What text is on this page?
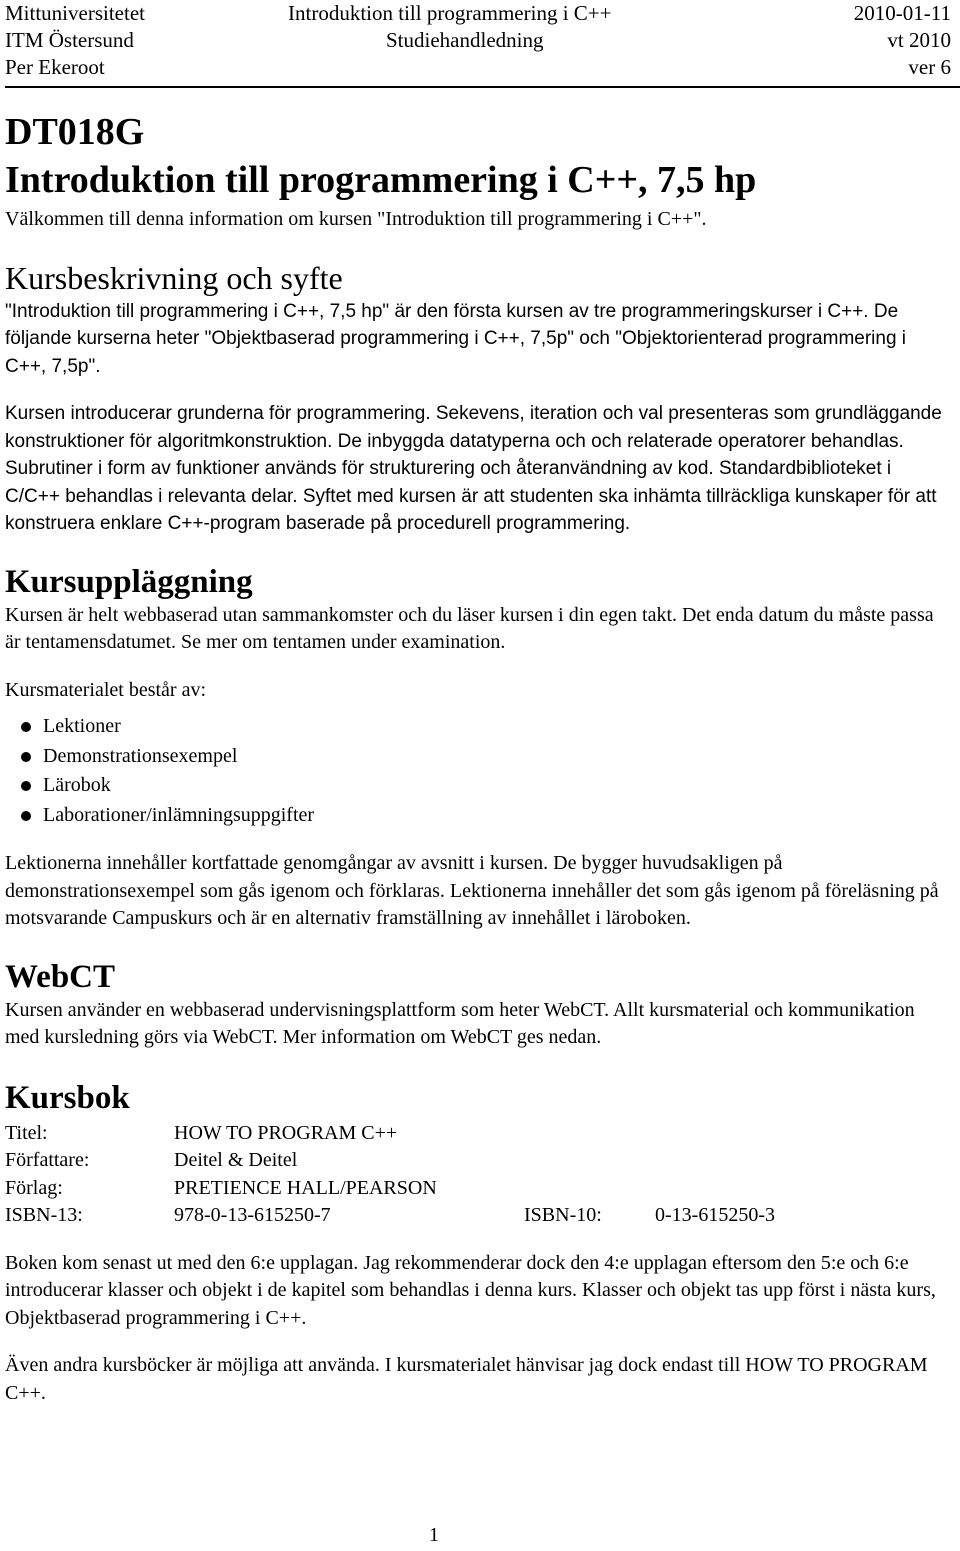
Mittuniversitetet	Introduktion till programmering i C++	2010-01-11
ITM Östersund	Studiehandledning	vt 2010
Per Ekeroot	ver 6
DT018G
Introduktion till programmering i C++, 7,5 hp

Välkommen till denna information om kursen "Introduktion till programmering i C++".

Kursbeskrivning och syfte

"Introduktion till programmering i C++, 7,5 hp" är den första kursen av tre programmeringskurser i C++. De följande kurserna heter "Objektbaserad programmering i C++, 7,5p" och "Objektorienterad programmering i C++, 7,5p".

Kursen introducerar grunderna för programmering. Sekevens, iteration och val presenteras som grundläggande konstruktioner för algoritmkonstruktion. De inbyggda datatyperna och och relaterade operatorer behandlas. Subrutiner i form av funktioner används för strukturering och återanvändning av kod. Standardbiblioteket i C/C++ behandlas i relevanta delar. Syftet med kursen är att studenten ska inhämta tillräckliga kunskaper för att konstruera enklare C++-program baserade på procedurell programmering.

Kursuppläggning

Kursen är helt webbaserad utan sammankomster och du läser kursen i din egen takt. Det enda datum du måste passa är tentamensdatumet. Se mer om tentamen under examination.

Kursmaterialet består av:

Lektioner
Demonstrationsexempel
Lärobok
Laborationer/inlämningsuppgifter

Lektionerna innehåller kortfattade genomgångar av avsnitt i kursen. De bygger huvudsakligen på demonstrationsexempel som gås igenom och förklaras. Lektionerna innehåller det som gås igenom på föreläsning på motsvarande Campuskurs och är en alternativ framställning av innehållet i läroboken.

WebCT

Kursen använder en webbaserad undervisningsplattform som heter WebCT. Allt kursmaterial och kommunikation med kursledning görs via WebCT. Mer information om WebCT ges nedan.

Kursbok
Titel:	HOW TO PROGRAM C++		
Författare:	Deitel & Deitel		
Förlag:	PRETIENCE HALL/PEARSON		
ISBN-13:	978-0-13-615250-7	ISBN-10:	0-13-615250-3

Boken kom senast ut med den 6:e upplagan. Jag rekommenderar dock den 4:e upplagan eftersom den 5:e och 6:e introducerar klasser och objekt i de kapitel som behandlas i denna kurs. Klasser och objekt tas upp först i nästa kurs, Objektbaserad programmering i C++.

Även andra kursböcker är möjliga att använda. I kursmaterialet hänvisar jag dock endast till HOW TO PROGRAM C++.

1
